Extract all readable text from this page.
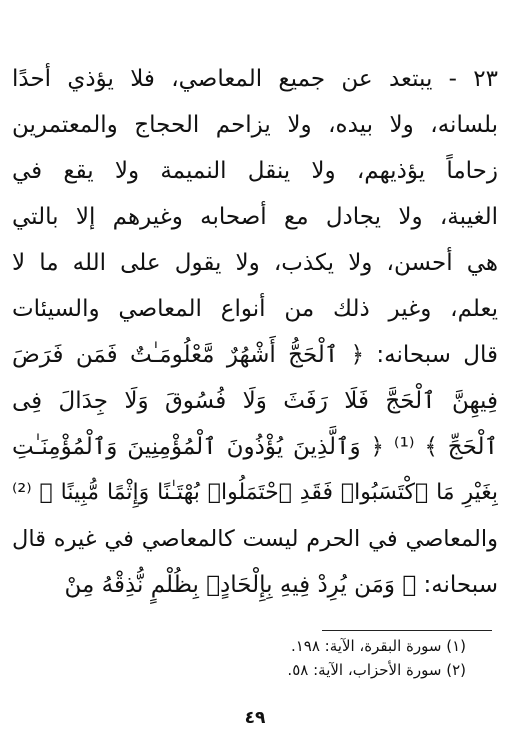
٢٣ - يبتعد عن جميع المعاصي، فلا يؤذي أحدًا
بلسانه، ولا بيده، ولا يزاحم الحجاج والمعتمرين
زحاماً يؤذيهم، ولا ينقل النميمة ولا يقع في
الغيبة، ولا يجادل مع أصحابه وغيرهم إلا بالتي
هي أحسن، ولا يكذب، ولا يقول على الله ما لا
يعلم، وغير ذلك من أنواع المعاصي والسيئات
قال سبحانه: ﴿ ٱلْحَجُّ أَشْهُرٌ مَّعْلُومَـٰتٌ فَمَن فَرَضَ
فِيهِنَّ ٱلْحَجَّ فَلَا رَفَثَ وَلَا فُسُوقَ وَلَا جِدَالَ فِى
ٱلْحَجِّ ﴾ ⁽¹⁾ ﴿ وَٱلَّذِينَ يُؤْذُونَ ٱلْمُؤْمِنِينَ وَٱلْمُؤْمِنَـٰتِ
بِغَيْرِ مَا ٱكْتَسَبُوا۟ فَقَدِ ٱحْتَمَلُوا۟ بُهْتَـٰنًا وَإِثْمًا مُّبِينًا ﴾ ⁽²⁾
والمعاصي في الحرم ليست كالمعاصي في غيره قال
سبحانه: ﴿ وَمَن يُرِدْ فِيهِ بِإِلْحَادٍۭ بِظُلْمٍ نُّذِقْهُ مِنْ
(١) سورة البقرة، الآية: ١٩٨.
(٢) سورة الأحزاب، الآية: ٥٨.
٤٩
